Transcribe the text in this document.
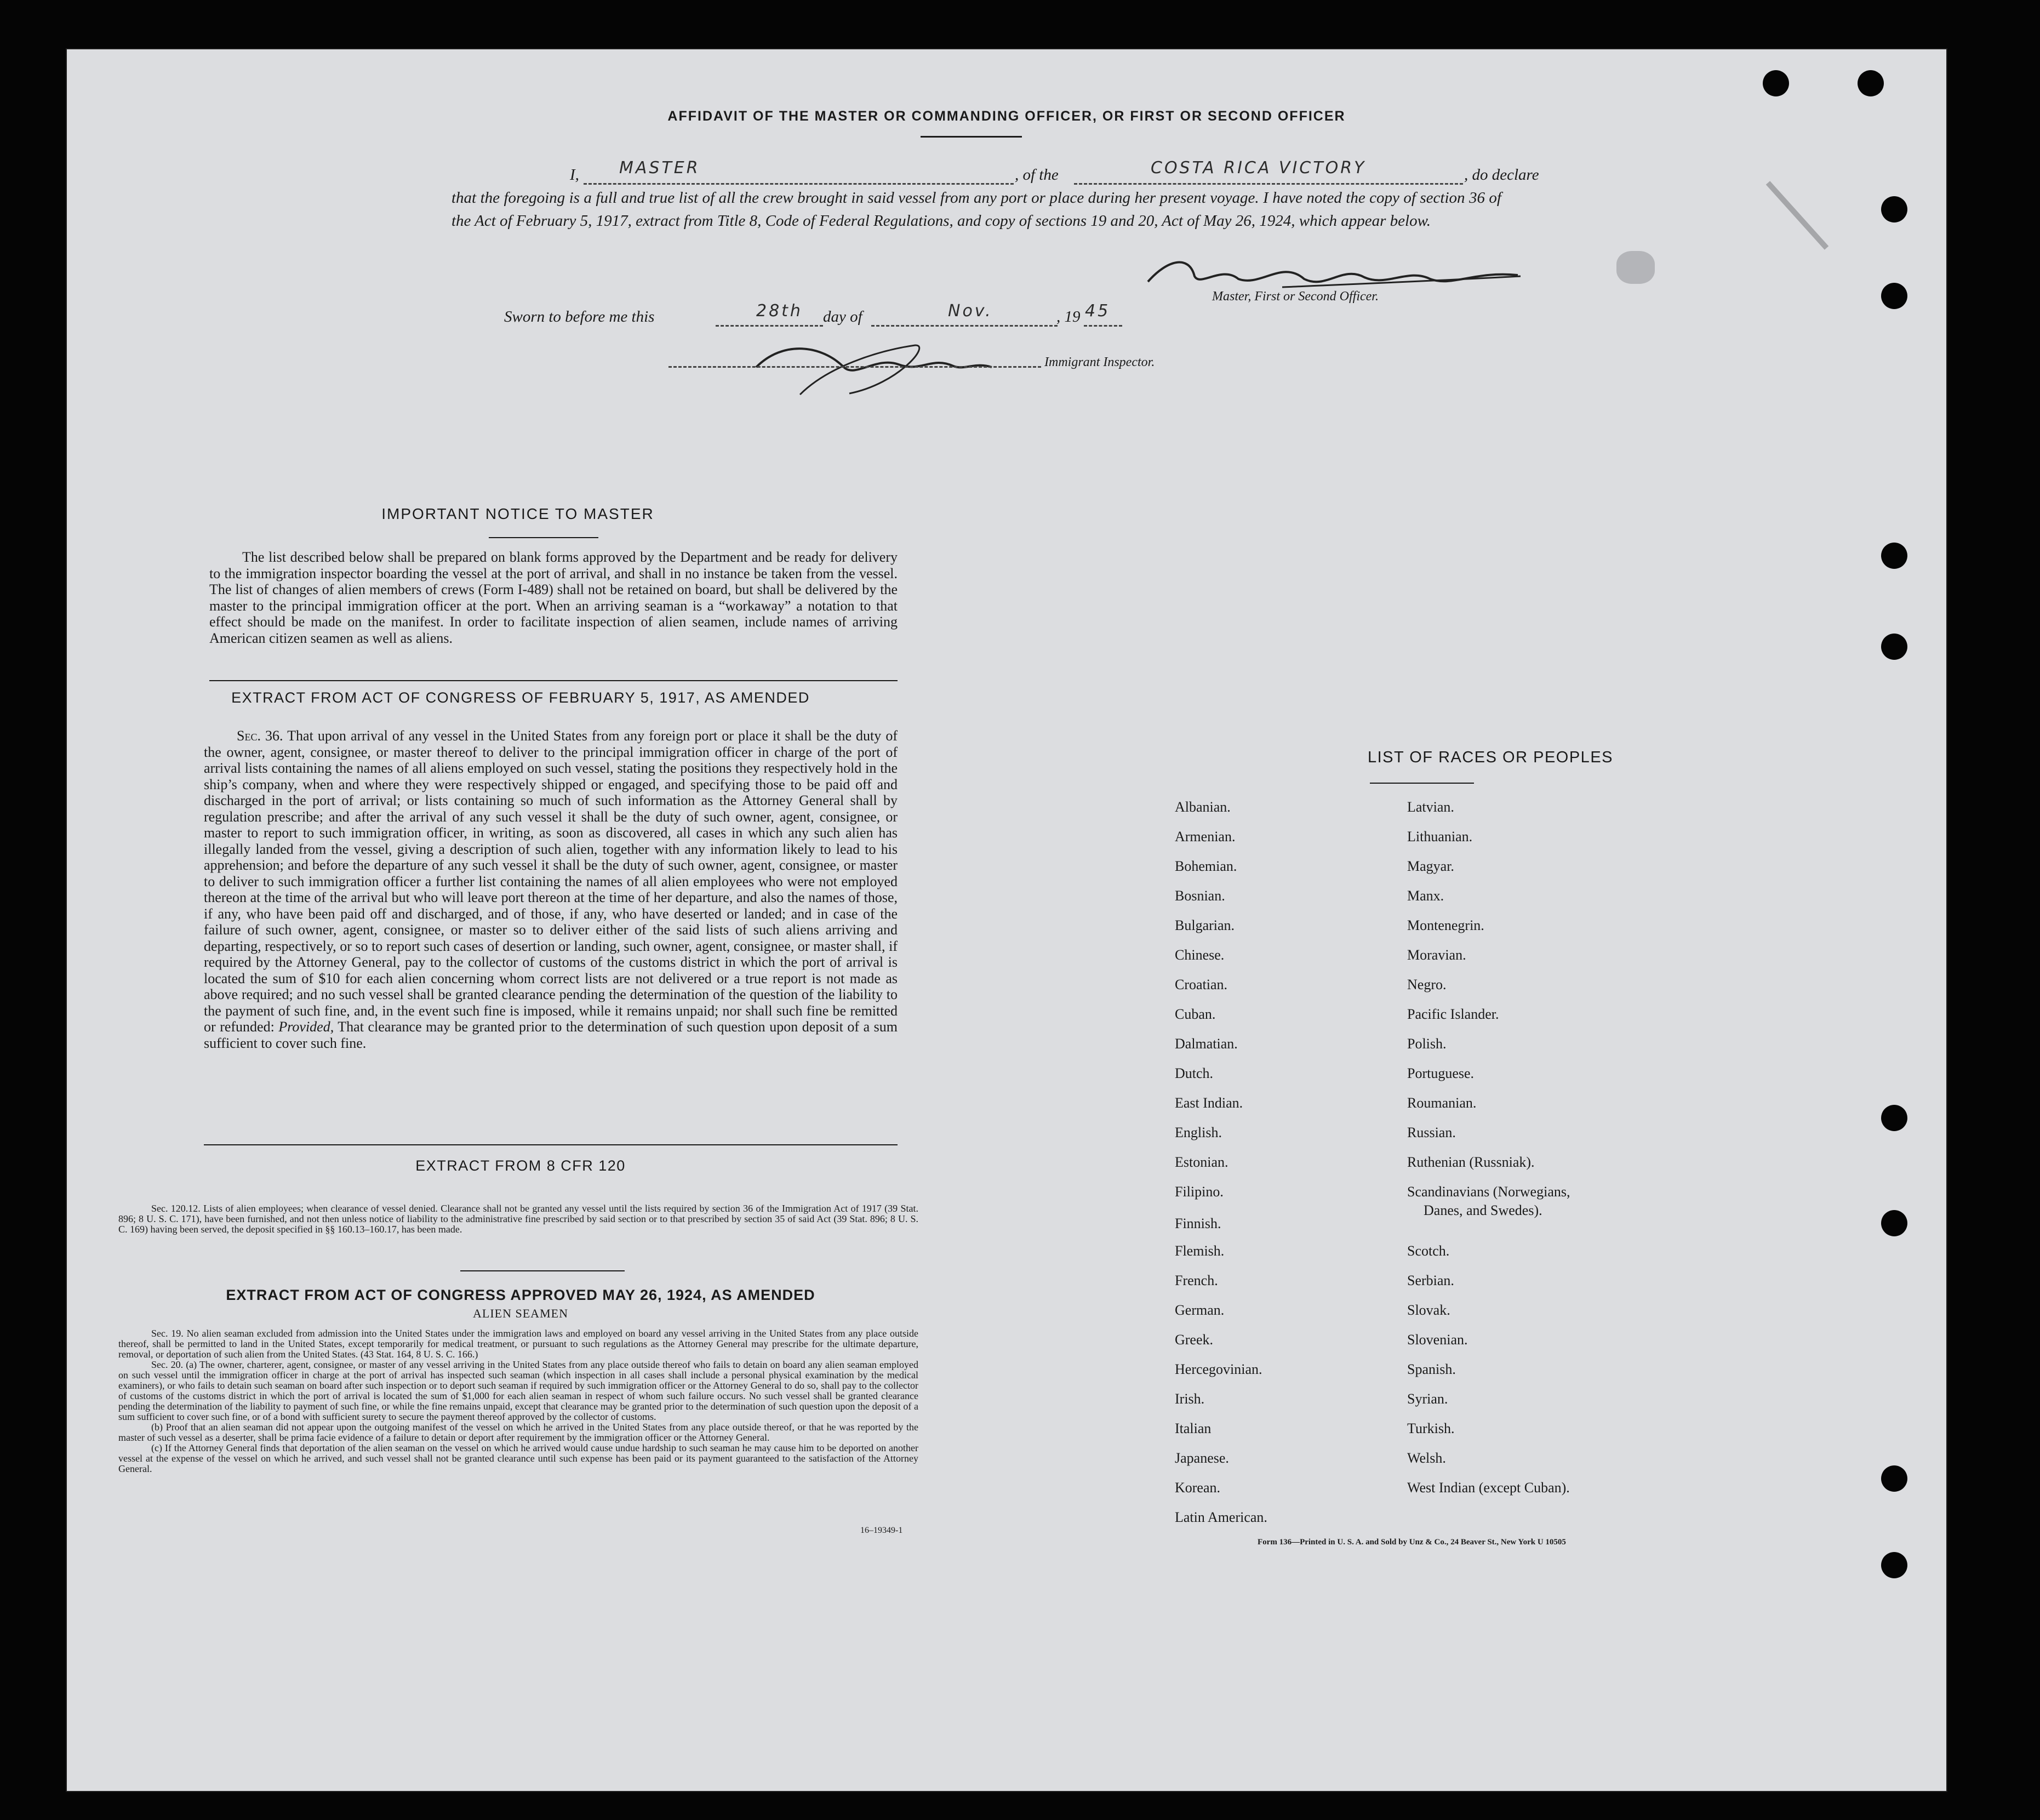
AFFIDAVIT OF THE MASTER OR COMMANDING OFFICER, OR FIRST OR SECOND OFFICER
I, MASTER	, of the	COSTA RICA VICTORY	, do declare
that the foregoing is a full and true list of all the crew brought in said vessel from any port or place during her present voyage. I have noted the copy of section 36 of the Act of February 5, 1917, extract from Title 8, Code of Federal Regulations, and copy of sections 19 and 20, Act of May 26, 1924, which appear below.
Master, First or Second Officer.
Sworn to before me this	28th day of	Nov.	, 19 45
Immigrant Inspector.
IMPORTANT NOTICE TO MASTER
The list described below shall be prepared on blank forms approved by the Department and be ready for delivery to the immigration inspector boarding the vessel at the port of arrival, and shall in no instance be taken from the vessel. The list of changes of alien members of crews (Form I-489) shall not be retained on board, but shall be delivered by the master to the principal immigration officer at the port. When an arriving seaman is a “workaway” a notation to that effect should be made on the manifest. In order to facilitate inspection of alien seamen, include names of arriving American citizen seamen as well as aliens.
EXTRACT FROM ACT OF CONGRESS OF FEBRUARY 5, 1917, AS AMENDED
Sec. 36. That upon arrival of any vessel in the United States from any foreign port or place it shall be the duty of the owner, agent, consignee, or master thereof to deliver to the principal immigration officer in charge of the port of arrival lists containing the names of all aliens employed on such vessel, stating the positions they respectively hold in the ship’s company, when and where they were respectively shipped or engaged, and specifying those to be paid off and discharged in the port of arrival; or lists containing so much of such information as the Attorney General shall by regulation prescribe; and after the arrival of any such vessel it shall be the duty of such owner, agent, consignee, or master to report to such immigration officer, in writing, as soon as discovered, all cases in which any such alien has illegally landed from the vessel, giving a description of such alien, together with any information likely to lead to his apprehension; and before the departure of any such vessel it shall be the duty of such owner, agent, consignee, or master to deliver to such immigration officer a further list containing the names of all alien employees who were not employed thereon at the time of the arrival but who will leave port thereon at the time of her departure, and also the names of those, if any, who have been paid off and discharged, and of those, if any, who have deserted or landed; and in case of the failure of such owner, agent, consignee, or master so to deliver either of the said lists of such aliens arriving and departing, respectively, or so to report such cases of desertion or landing, such owner, agent, consignee, or master shall, if required by the Attorney General, pay to the collector of customs of the customs district in which the port of arrival is located the sum of $10 for each alien concerning whom correct lists are not delivered or a true report is not made as above required; and no such vessel shall be granted clearance pending the determination of the question of the liability to the payment of such fine, and, in the event such fine is imposed, while it remains unpaid; nor shall such fine be remitted or refunded: Provided, That clearance may be granted prior to the determination of such question upon deposit of a sum sufficient to cover such fine.
EXTRACT FROM 8 CFR 120
Sec. 120.12. Lists of alien employees; when clearance of vessel denied. Clearance shall not be granted any vessel until the lists required by section 36 of the Immigration Act of 1917 (39 Stat. 896; 8 U. S. C. 171), have been furnished, and not then unless notice of liability to the administrative fine prescribed by said section or to that prescribed by section 35 of said Act (39 Stat. 896; 8 U. S. C. 169) having been served, the deposit specified in §§ 160.13–160.17, has been made.
EXTRACT FROM ACT OF CONGRESS APPROVED MAY 26, 1924, AS AMENDED
ALIEN SEAMEN
Sec. 19. No alien seaman excluded from admission into the United States under the immigration laws and employed on board any vessel arriving in the United States from any place outside thereof, shall be permitted to land in the United States, except temporarily for medical treatment, or pursuant to such regulations as the Attorney General may prescribe for the ultimate departure, removal, or deportation of such alien from the United States. (43 Stat. 164, 8 U. S. C. 166.)
Sec. 20. (a) The owner, charterer, agent, consignee, or master of any vessel arriving in the United States from any place outside thereof who fails to detain on board any alien seaman employed on such vessel until the immigration officer in charge at the port of arrival has inspected such seaman (which inspection in all cases shall include a personal physical examination by the medical examiners), or who fails to detain such seaman on board after such inspection or to deport such seaman if required by such immigration officer or the Attorney General to do so, shall pay to the collector of customs of the customs district in which the port of arrival is located the sum of $1,000 for each alien seaman in respect of whom such failure occurs. No such vessel shall be granted clearance pending the determination of the liability to payment of such fine, or while the fine remains unpaid, except that clearance may be granted prior to the determination of such question upon the deposit of a sum sufficient to cover such fine, or of a bond with sufficient surety to secure the payment thereof approved by the collector of customs.
(b) Proof that an alien seaman did not appear upon the outgoing manifest of the vessel on which he arrived in the United States from any place outside thereof, or that he was reported by the master of such vessel as a deserter, shall be prima facie evidence of a failure to detain or deport after requirement by the immigration officer or the Attorney General.
(c) If the Attorney General finds that deportation of the alien seaman on the vessel on which he arrived would cause undue hardship to such seaman he may cause him to be deported on another vessel at the expense of the vessel on which he arrived, and such vessel shall not be granted clearance until such expense has been paid or its payment guaranteed to the satisfaction of the Attorney General.
16–19349-1
LIST OF RACES OR PEOPLES
Danes, and Swedes).
Form 136—Printed in U. S. A. and Sold by Unz & Co., 24 Beaver St., New York U 10505
Albanian.
Armenian.
Bohemian.
Bosnian.
Bulgarian.
Chinese.
Croatian.
Cuban.
Dalmatian.
Dutch.
East Indian.
English.
Estonian.
Filipino.
Finnish.
Flemish.
French.
German.
Greek.
Hercegovinian.
Irish.
Italian
Japanese.
Korean.
Latin American.
Latvian.
Lithuanian.
Magyar.
Manx.
Montenegrin.
Moravian.
Negro.
Pacific Islander.
Polish.
Portuguese.
Roumanian.
Russian.
Ruthenian (Russniak).
Scandinavians (Norwegians,
Scotch.
Serbian.
Slovak.
Slovenian.
Spanish.
Syrian.
Turkish.
Welsh.
West Indian (except Cuban).
